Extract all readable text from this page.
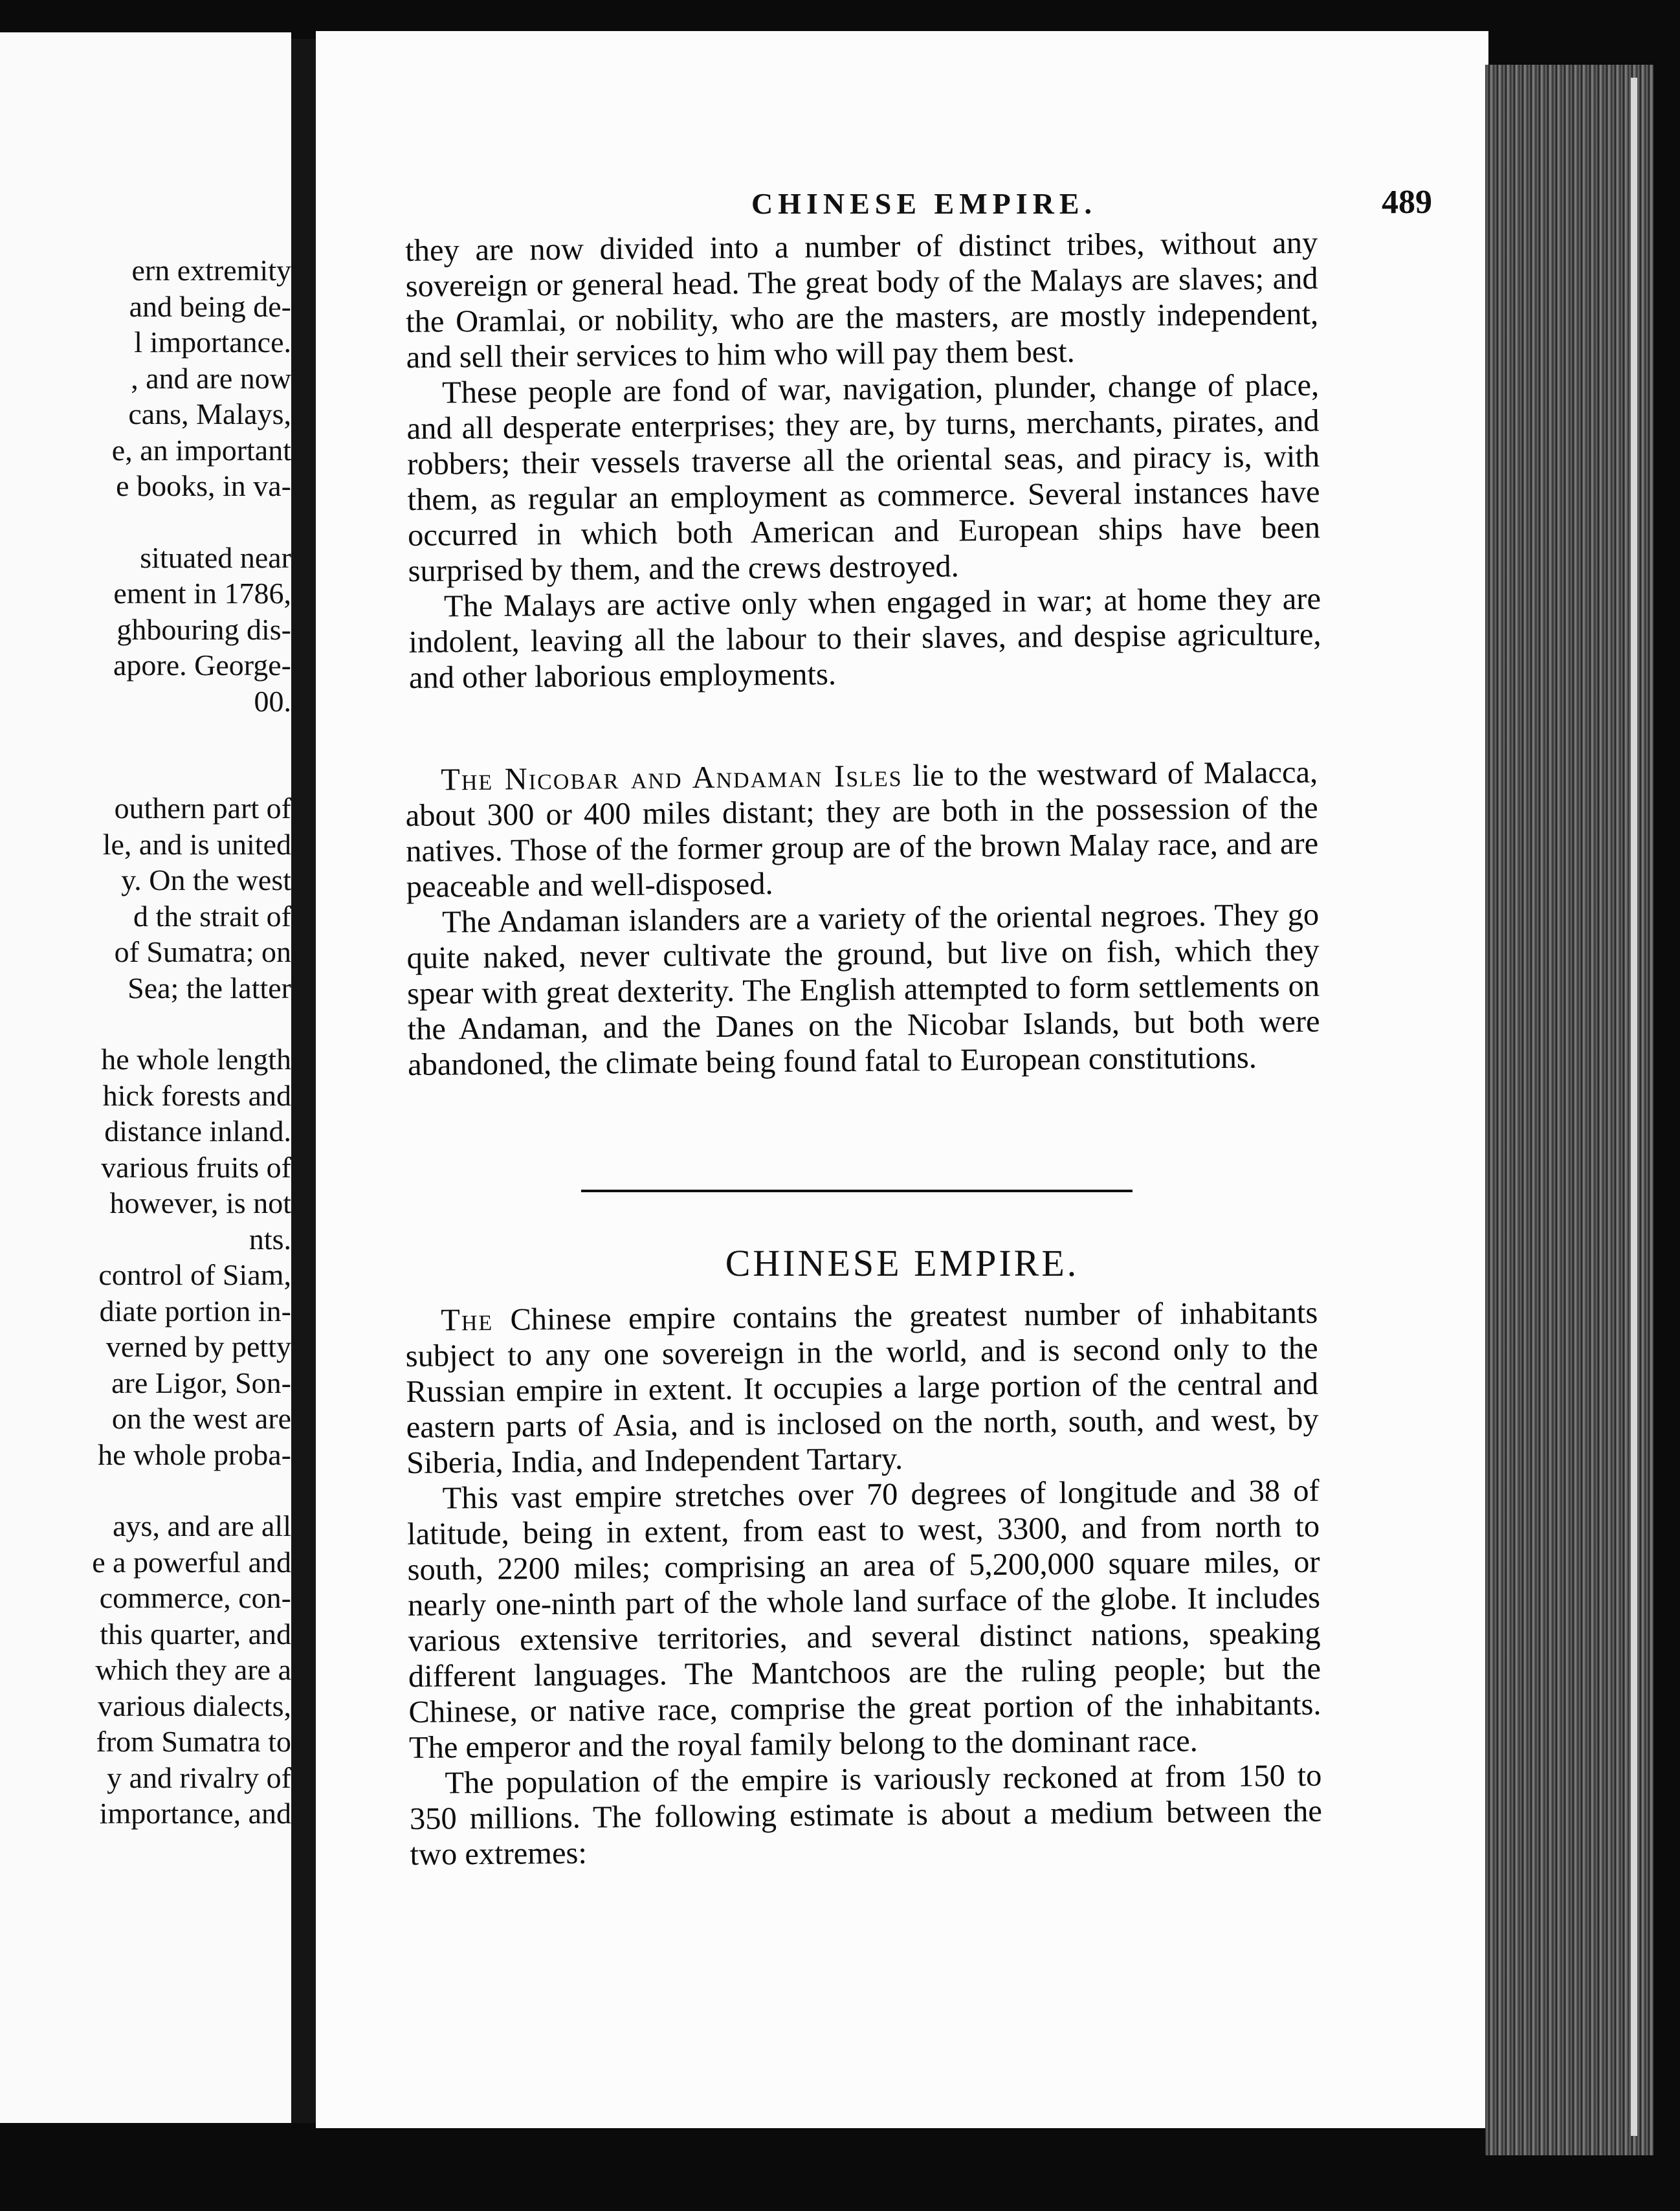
ern extremity
and being de-
l importance.
, and are now
cans, Malays,
e, an important
e books, in va-
situated near
ement in 1786,
ghbouring dis-
apore. George-
00.
outhern part of
le, and is united
y. On the west
d the strait of
of Sumatra; on
Sea; the latter
he whole length
hick forests and
distance inland.
various fruits of
however, is not
nts.
control of Siam,
diate portion in-
verned by petty
are Ligor, Son-
on the west are
he whole proba-
ays, and are all
e a powerful and
commerce, con-
this quarter, and
which they are a
various dialects,
from Sumatra to
y and rivalry of
importance, and
CHINESE EMPIRE.	489

they are now divided into a number of distinct tribes, without any sovereign or general head. The great body of the Malays are slaves; and the Oramlai, or nobility, who are the masters, are mostly independent, and sell their services to him who will pay them best.

These people are fond of war, navigation, plunder, change of place, and all desperate enterprises; they are, by turns, merchants, pirates, and robbers; their vessels traverse all the oriental seas, and piracy is, with them, as regular an employment as commerce. Several instances have occurred in which both American and European ships have been surprised by them, and the crews destroyed.

The Malays are active only when engaged in war; at home they are indolent, leaving all the labour to their slaves, and despise agriculture, and other laborious employments.

The Nicobar and Andaman Isles lie to the westward of Malacca, about 300 or 400 miles distant; they are both in the possession of the natives. Those of the former group are of the brown Malay race, and are peaceable and well-disposed.

The Andaman islanders are a variety of the oriental negroes. They go quite naked, never cultivate the ground, but live on fish, which they spear with great dexterity. The English attempted to form settlements on the Andaman, and the Danes on the Nicobar Islands, but both were abandoned, the climate being found fatal to European constitutions.

CHINESE EMPIRE.

The Chinese empire contains the greatest number of inhabitants subject to any one sovereign in the world, and is second only to the Russian empire in extent. It occupies a large portion of the central and eastern parts of Asia, and is inclosed on the north, south, and west, by Siberia, India, and Independent Tartary.

This vast empire stretches over 70 degrees of longitude and 38 of latitude, being in extent, from east to west, 3300, and from north to south, 2200 miles; comprising an area of 5,200,000 square miles, or nearly one-ninth part of the whole land surface of the globe. It includes various extensive territories, and several distinct nations, speaking different languages. The Mantchoos are the ruling people; but the Chinese, or native race, comprise the great portion of the inhabitants. The emperor and the royal family belong to the dominant race.

The population of the empire is variously reckoned at from 150 to 350 millions. The following estimate is about a medium between the two extremes:
